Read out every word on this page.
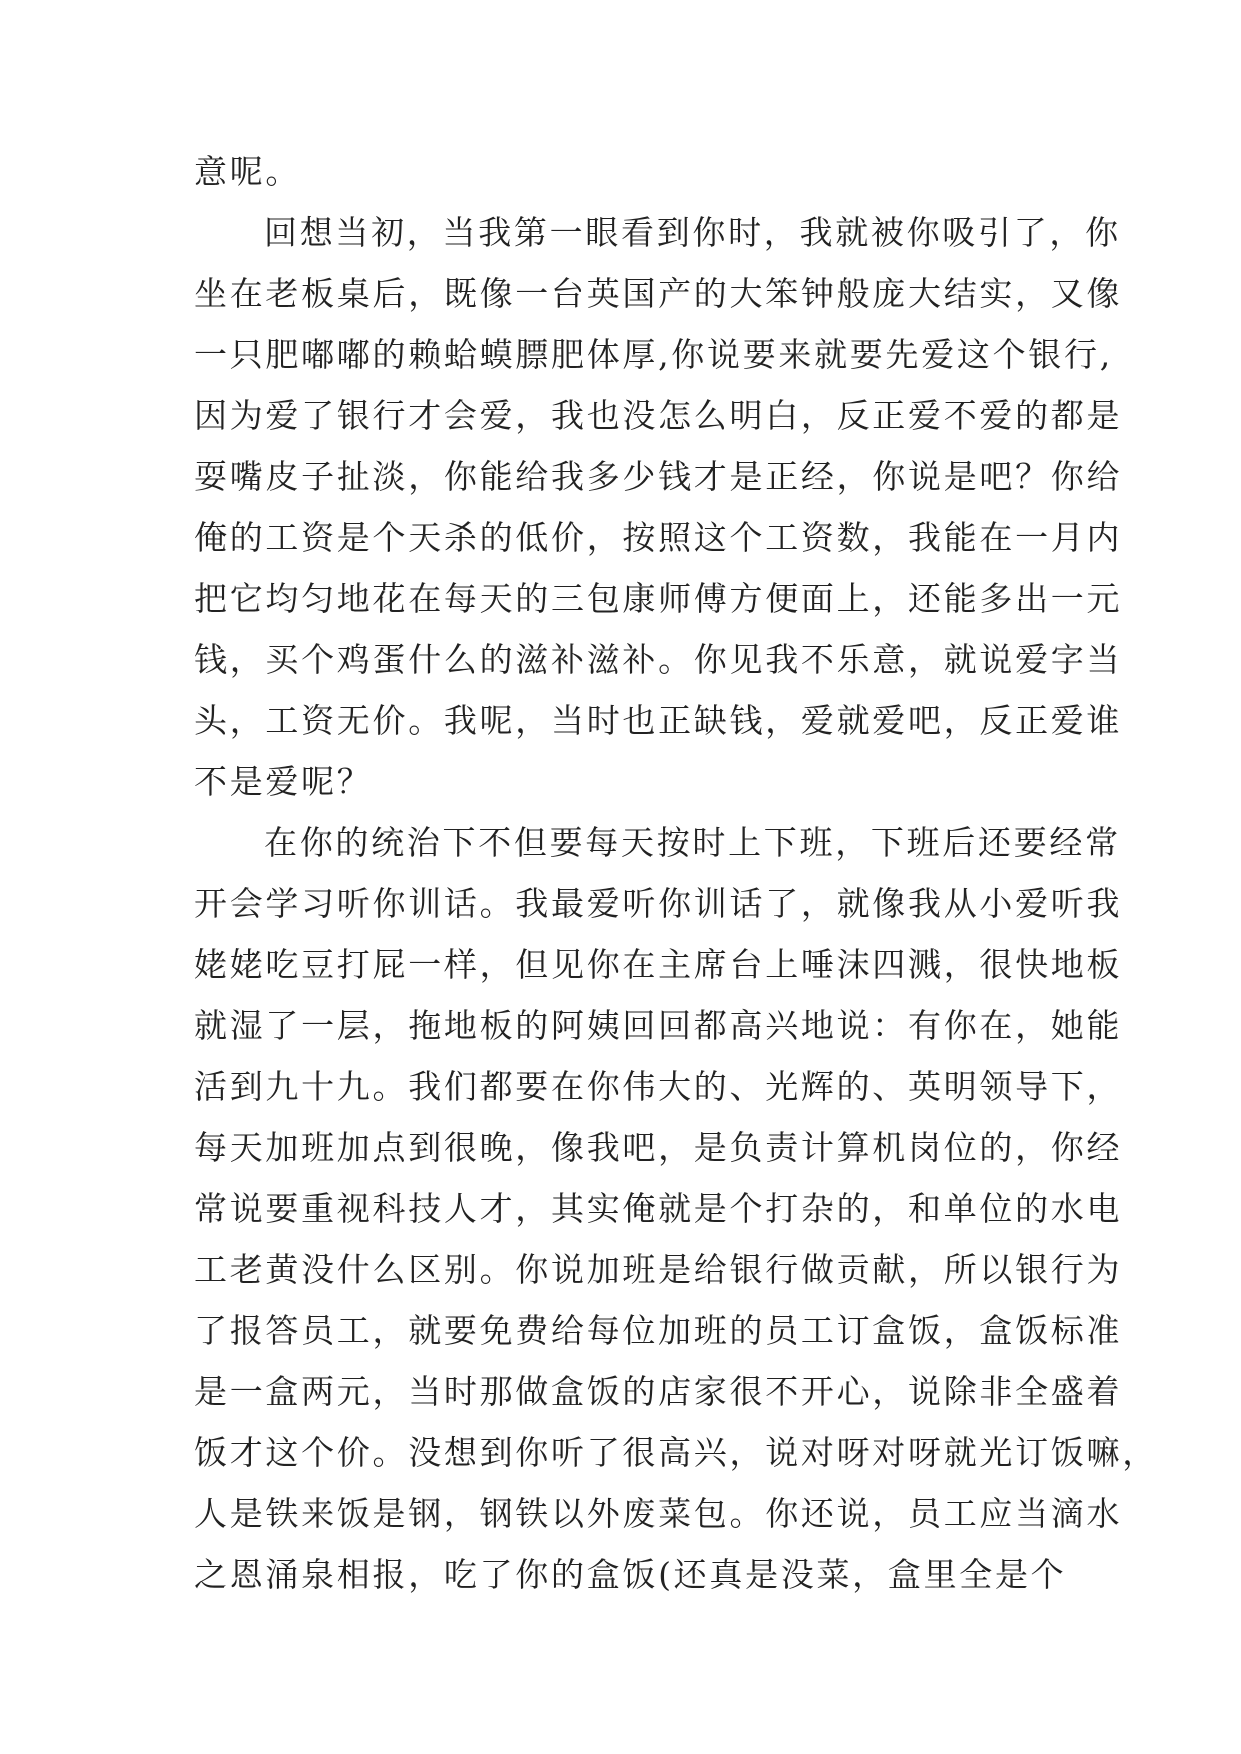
意呢。
回想当初，当我第一眼看到你时，我就被你吸引了，你
坐在老板桌后，既像一台英国产的大笨钟般庞大结实，又像
一只肥嘟嘟的赖蛤蟆膘肥体厚,你说要来就要先爱这个银行,
因为爱了银行才会爱，我也没怎么明白，反正爱不爱的都是
耍嘴皮子扯淡，你能给我多少钱才是正经，你说是吧？你给
俺的工资是个天杀的低价，按照这个工资数，我能在一月内
把它均匀地花在每天的三包康师傅方便面上，还能多出一元
钱，买个鸡蛋什么的滋补滋补。你见我不乐意，就说爱字当
头，工资无价。我呢，当时也正缺钱，爱就爱吧，反正爱谁
不是爱呢？
在你的统治下不但要每天按时上下班，下班后还要经常
开会学习听你训话。我最爱听你训话了，就像我从小爱听我
姥姥吃豆打屁一样，但见你在主席台上唾沫四溅，很快地板
就湿了一层，拖地板的阿姨回回都高兴地说：有你在，她能
活到九十九。我们都要在你伟大的、光辉的、英明领导下，
每天加班加点到很晚，像我吧，是负责计算机岗位的，你经
常说要重视科技人才，其实俺就是个打杂的，和单位的水电
工老黄没什么区别。你说加班是给银行做贡献，所以银行为
了报答员工，就要免费给每位加班的员工订盒饭，盒饭标准
是一盒两元，当时那做盒饭的店家很不开心，说除非全盛着
饭才这个价。没想到你听了很高兴，说对呀对呀就光订饭嘛，
人是铁来饭是钢，钢铁以外废菜包。你还说，员工应当滴水
之恩涌泉相报，吃了你的盒饭(还真是没菜，盒里全是个
